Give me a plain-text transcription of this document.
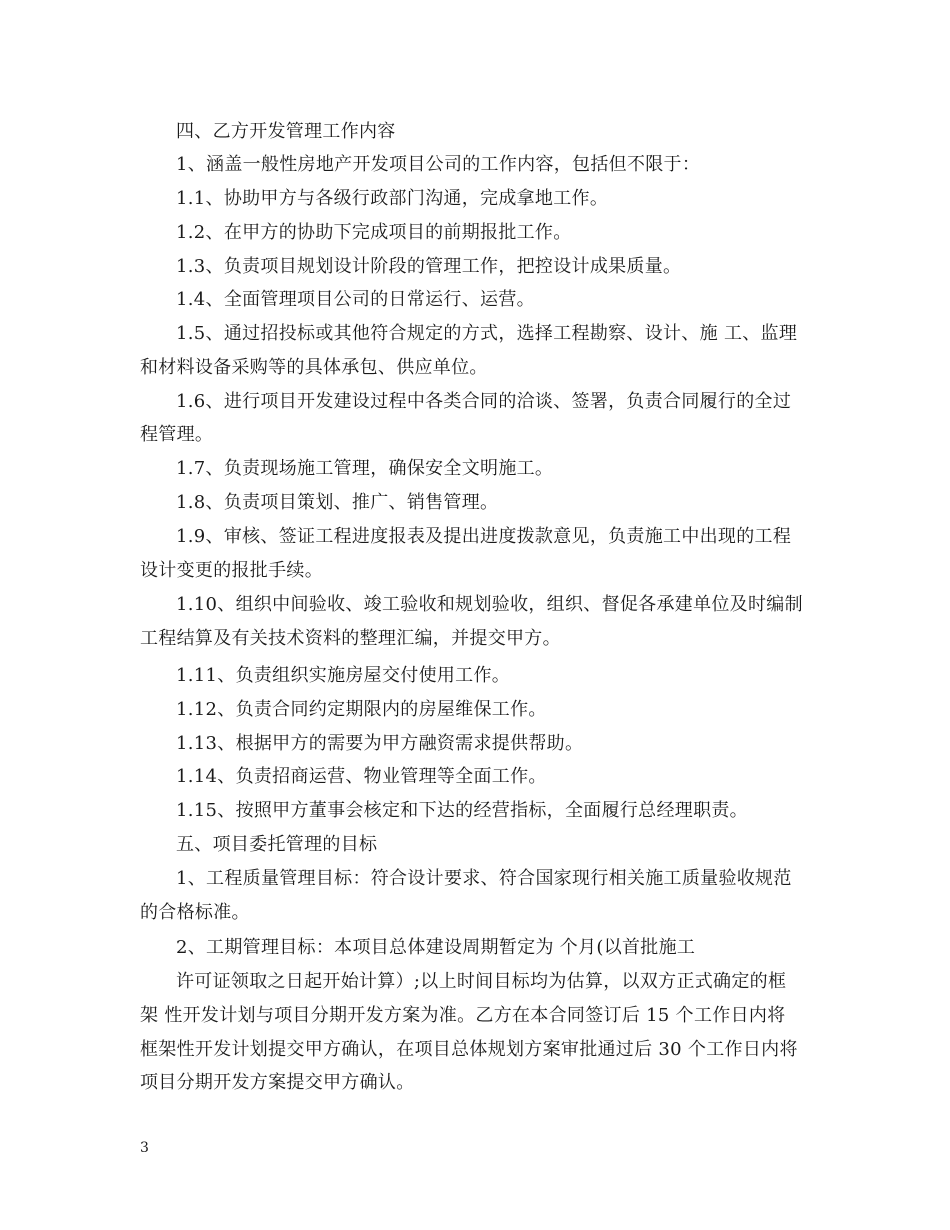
四、乙方开发管理工作内容
1、涵盖一般性房地产开发项目公司的工作内容，包括但不限于：
1.1、协助甲方与各级行政部门沟通，完成拿地工作。
1.2、在甲方的协助下完成项目的前期报批工作。
1.3、负责项目规划设计阶段的管理工作，把控设计成果质量。
1.4、全面管理项目公司的日常运行、运营。
1.5、通过招投标或其他符合规定的方式，选择工程勘察、设计、施 工、监理
和材料设备采购等的具体承包、供应单位。
1.6、进行项目开发建设过程中各类合同的洽谈、签署，负责合同履行的全过
程管理。
1.7、负责现场施工管理，确保安全文明施工。
1.8、负责项目策划、推广、销售管理。
1.9、审核、签证工程进度报表及提出进度拨款意见，负责施工中出现的工程
设计变更的报批手续。
1.10、组织中间验收、竣工验收和规划验收，组织、督促各承建单位及时编制
工程结算及有关技术资料的整理汇编，并提交甲方。
1.11、负责组织实施房屋交付使用工作。
1.12、负责合同约定期限内的房屋维保工作。
1.13、根据甲方的需要为甲方融资需求提供帮助。
1.14、负责招商运营、物业管理等全面工作。
1.15、按照甲方董事会核定和下达的经营指标，全面履行总经理职责。
五、项目委托管理的目标
1、工程质量管理目标：符合设计要求、符合国家现行相关施工质量验收规范
的合格标准。
2、工期管理目标：本项目总体建设周期暂定为 个月(以首批施工
许可证领取之日起开始计算）;以上时间目标均为估算，以双方正式确定的框
架 性开发计划与项目分期开发方案为准。乙方在本合同签订后 15 个工作日内将
框架性开发计划提交甲方确认，在项目总体规划方案审批通过后 30 个工作日内将
项目分期开发方案提交甲方确认。
3
